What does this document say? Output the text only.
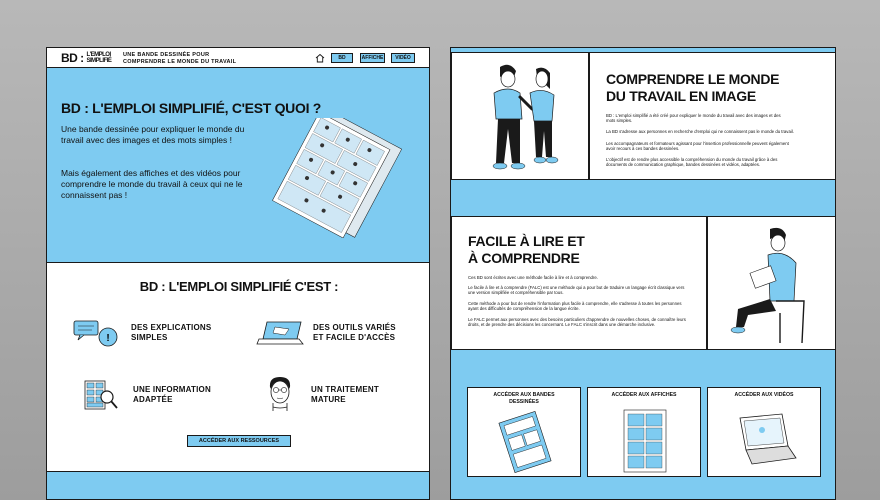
BD : L'EMPLOI
SIMPLIFIÉ
UNE BANDE DESSINÉE POUR
COMPRENDRE LE MONDE DU TRAVAIL
BD	AFFICHE	VIDÉO
BD : L'EMPLOI SIMPLIFIÉ, C'EST QUOI ?
Une bande dessinée pour expliquer le monde du travail avec des images et des mots simples !
Mais également des affiches et des vidéos pour comprendre le monde du travail à ceux qui ne le connaissent pas !
BD : L'EMPLOI SIMPLIFIÉ C'EST :
!
DES EXPLICATIONS
SIMPLES
DES OUTILS VARIÉS
ET FACILE D'ACCÈS
UNE INFORMATION
ADAPTÉE
UN TRAITEMENT
MATURE
ACCÉDER AUX RESSOURCES
COMPRENDRE LE MONDE
DU TRAVAIL EN IMAGE
BD : L'emploi simplifié a été créé pour expliquer le monde du travail avec des images et des mots simples.
La BD s'adresse aux personnes en recherche d'emploi qui ne connaissent pas le monde du travail.
Les accompagnateurs et formateurs agissant pour l'insertion professionnelle peuvent également avoir recours à ces bandes dessinées.
L'objectif est de rendre plus accessible la compréhension du monde du travail grâce à des documents de communication graphique, bandes dessinées et vidéos, adaptées.
FACILE À LIRE ET
À COMPRENDRE
Ces BD sont écrites avec une méthode facile à lire et à comprendre.
Le facile à lire et à comprendre (FALC) est une méthode qui a pour but de traduire un langage écrit classique vers une version simplifiée et compréhensible par tous.
Cette méthode a pour but de rendre l'information plus facile à comprendre, elle s'adresse à toutes les personnes ayant des difficultés de compréhension de la langue écrite.
Le FALC permet aux personnes avec des besoins particuliers d'apprendre de nouvelles choses, de connaître leurs droits, et de prendre des décisions les concernant. Le FALC s'inscrit dans une démarche inclusive.
ACCÉDER AUX BANDES
DESSINÉES
ACCÉDER AUX AFFICHES	ACCÉDER AUX VIDÉOS
